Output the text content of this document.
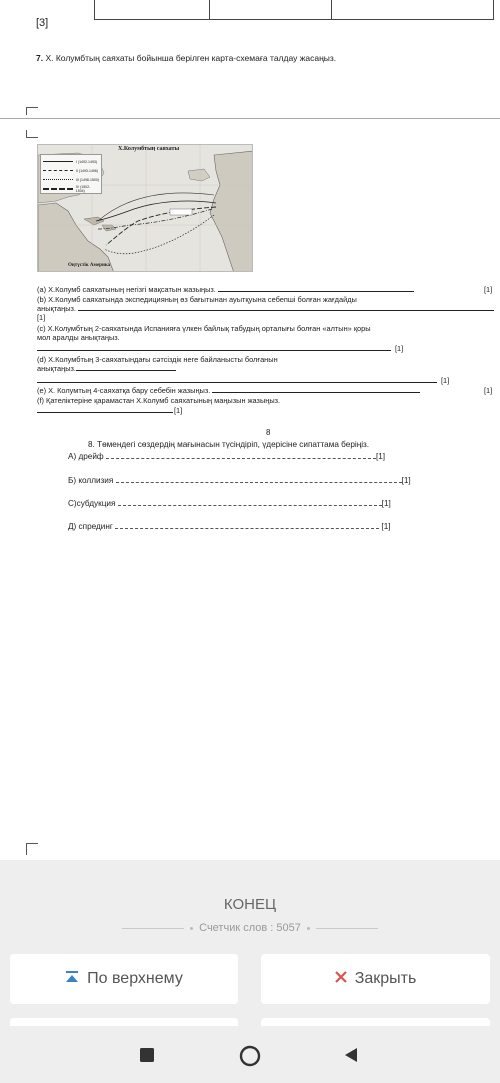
[3]
7. Х. Колумбтың саяхаты бойынша берілген карта-схемаға талдау жасаңыз.
Х.Колумбтың саяхаты
I (1492-1493)
II (1493-1496)
III (1498-1500)
IV (1502-1504)
Оңтүстік Америка
(a) Х.Колумб саяхатының негізгі мақсатын жазыңыз.	[1]
(b) Х.Колумб саяхатында экспедицияның өз бағытынан ауытқуына себепші болған жағдайды
анықтаңыз.
[1]
(c) Х.Колумбтың 2-саяхатында Испанияға үлкен байлық табудың орталығы болған «алтын» қоры
мол аралды анықтаңыз.
[1]
(d) Х.Колумбтың 3-саяхатындағы сәтсіздік неге байланысты болғанын
анықтаңыз.
[1]
(e) Х. Колумтың 4-саяхатқа бару себебін жазыңыз.	[1]
(f) Қателіктеріне қарамастан Х.Колумб саяхатының маңызын жазыңыз.
[1]
8
8. Төмендегі сөздердің мағынасын түсіндіріп, үдерісіне сипаттама беріңіз.
А) дрейф	[1]
Б) коллизия	[1]
С)субдукция	[1]
Д) спрединг	[1]
КОНЕЦ
Счетчик слов : 5057
По верхнему	Закрыть
